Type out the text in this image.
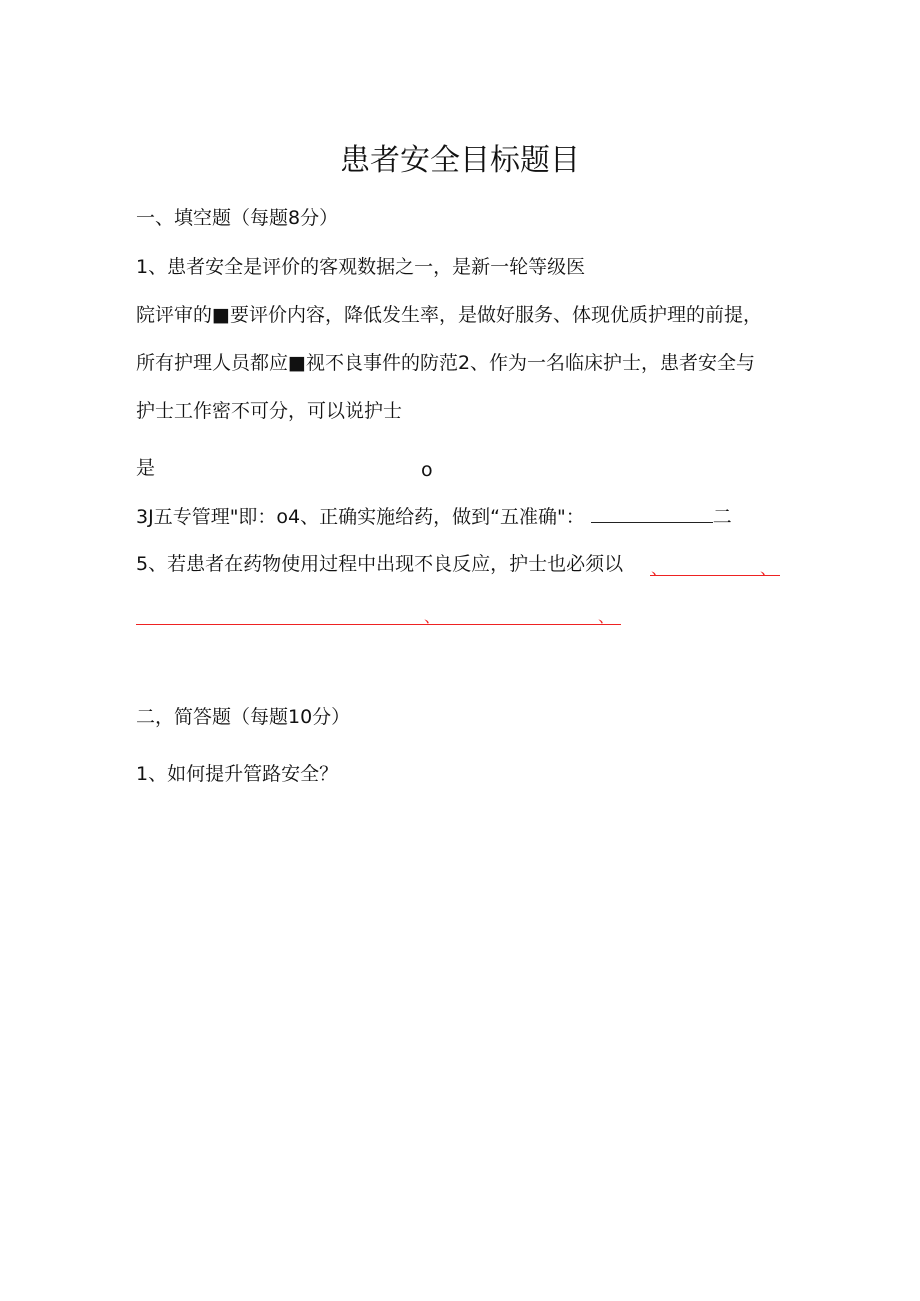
患者安全目标题目
一、填空题（每题8分）
1、患者安全是评价的客观数据之一，是新一轮等级医
院评审的■要评价内容，降低发生率，是做好服务、体现优质护理的前提，
所有护理人员都应■视不良事件的防范2、作为一名临床护士，患者安全与
护士工作密不可分，可以说护士
是	o
3J五专管理"即：o4、正确实施给药，做到“五准确"：	二
5、若患者在药物使用过程中出现不良反应，护士也必须以 、	、
、	、
二，简答题（每题10分）
1、如何提升管路安全？
